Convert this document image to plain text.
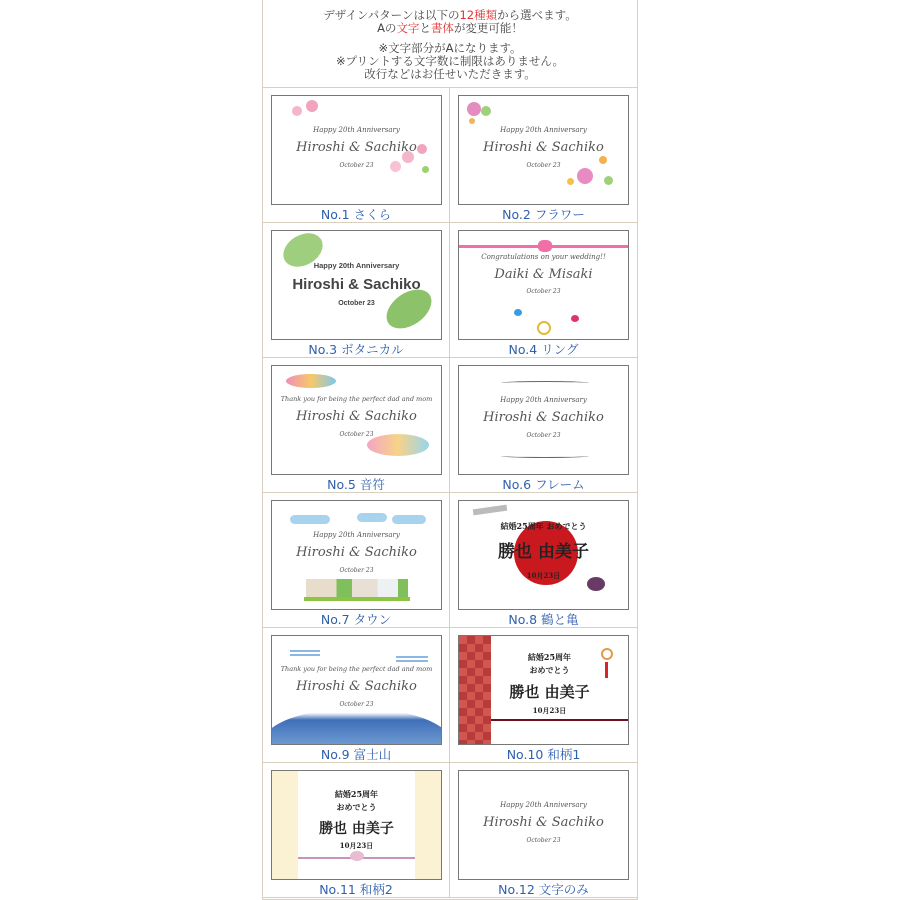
デザインパターンは以下の12種類から選べます。
Aの文字と書体が変更可能！
※文字部分がAになります。
※プリントする文字数に制限はありません。
改行などはお任せいただきます。
Happy 20th Anniversary
Hiroshi & Sachiko
October 23
No.1 さくら
Happy 20th Anniversary
Hiroshi & Sachiko
October 23
No.2 フラワー
Happy 20th Anniversary
Hiroshi & Sachiko
October 23
No.3 ボタニカル
Congratulations on your wedding!!
Daiki & Misaki
October 23
No.4 リング
Thank you for being the perfect dad and mom
Hiroshi & Sachiko
October 23
No.5 音符
Happy 20th Anniversary
Hiroshi & Sachiko
October 23
No.6 フレーム
Happy 20th Anniversary
Hiroshi & Sachiko
October 23
No.7 タウン
結婚25周年 おめでとう
勝也 由美子
10月23日
No.8 鶴と亀
Thank you for being the perfect dad and mom
Hiroshi & Sachiko
October 23
No.9 富士山
結婚25周年
おめでとう
勝也 由美子
10月23日
No.10 和柄1
結婚25周年
おめでとう
勝也 由美子
10月23日
No.11 和柄2
Happy 20th Anniversary
Hiroshi & Sachiko
October 23
No.12 文字のみ
